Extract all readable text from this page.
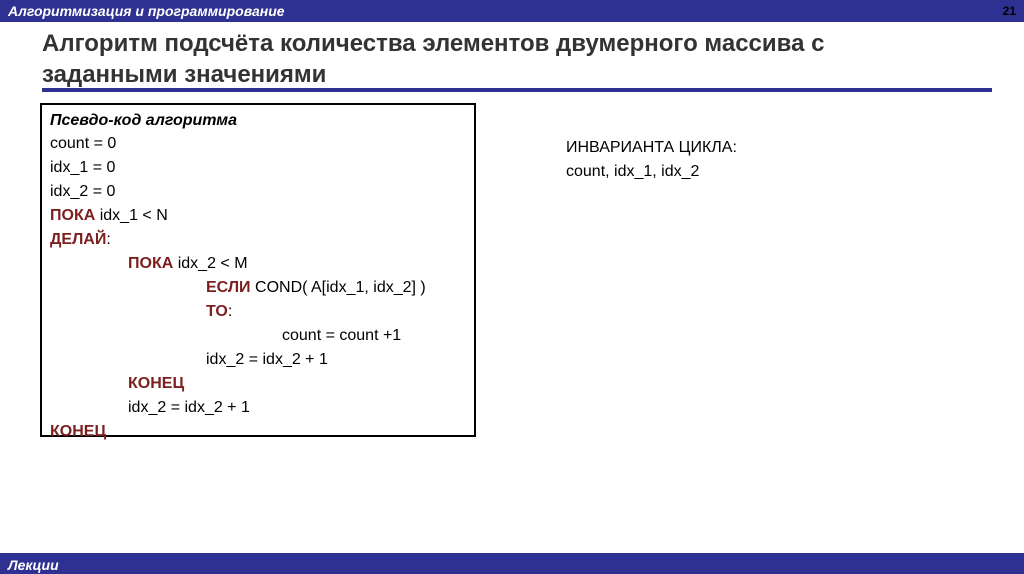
Алгоритмизация и программирование	21
Алгоритм подсчёта количества элементов двумерного массива с
заданными значениями
Псевдо-код алгоритма
count = 0
idx_1 = 0
idx_2 = 0
ПОКА idx_1 < N
ДЕЛАЙ:
ПОКА idx_2 < M
ЕСЛИ COND( A[idx_1, idx_2] )
ТО:
count = count +1
idx_2 = idx_2 + 1
КОНЕЦ
idx_2 = idx_2 + 1
КОНЕЦ
ИНВАРИАНТА ЦИКЛА:
count, idx_1, idx_2
Лекции
